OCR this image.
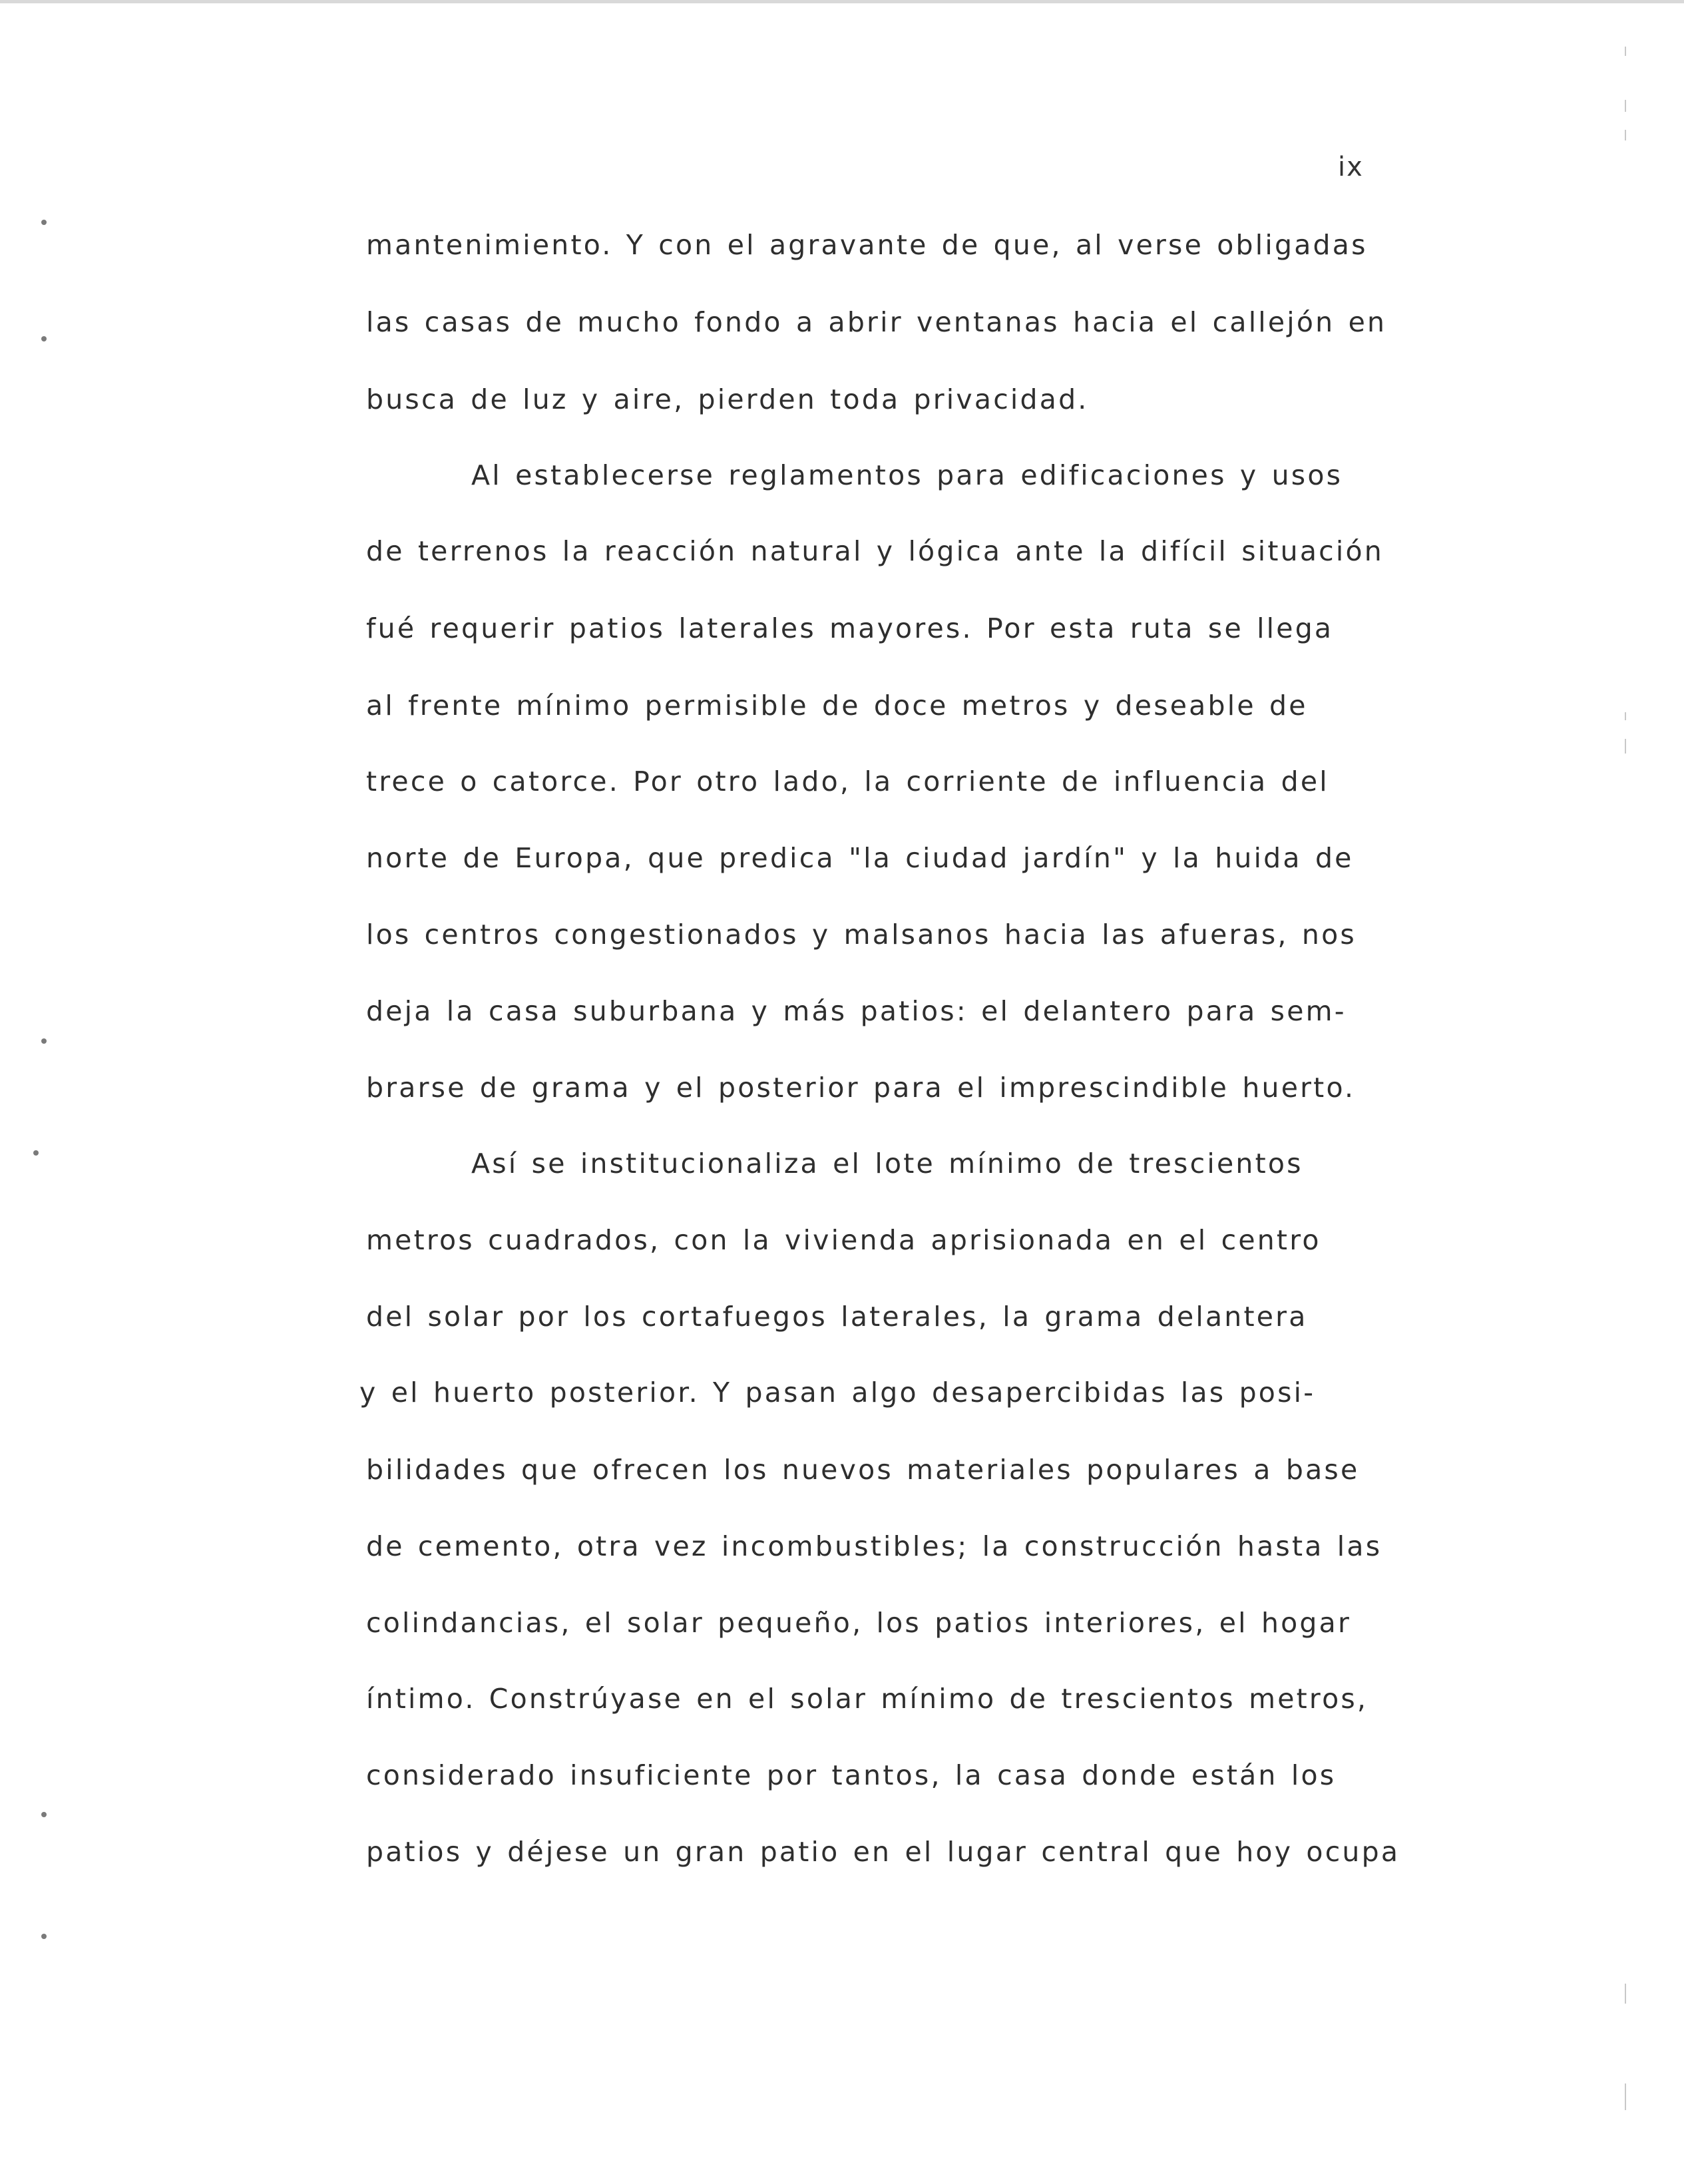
ix
mantenimiento. Y con el agravante de que, al verse obligadas
las casas de mucho fondo a abrir ventanas hacia el callejón en
busca de luz y aire, pierden toda privacidad.
Al establecerse reglamentos para edificaciones y usos
de terrenos la reacción natural y lógica ante la difícil situación
fué requerir patios laterales mayores. Por esta ruta se llega
al frente mínimo permisible de doce metros y deseable de
trece o catorce. Por otro lado, la corriente de influencia del
norte de Europa, que predica "la ciudad jardín" y la huida de
los centros congestionados y malsanos hacia las afueras, nos
deja la casa suburbana y más patios: el delantero para sem-
brarse de grama y el posterior para el imprescindible huerto.
Así se institucionaliza el lote mínimo de trescientos
metros cuadrados, con la vivienda aprisionada en el centro
del solar por los cortafuegos laterales, la grama delantera
y el huerto posterior. Y pasan algo desapercibidas las posi-
bilidades que ofrecen los nuevos materiales populares a base
de cemento, otra vez incombustibles; la construcción hasta las
colindancias, el solar pequeño, los patios interiores, el hogar
íntimo. Constrúyase en el solar mínimo de trescientos metros,
considerado insuficiente por tantos, la casa donde están los
patios y déjese un gran patio en el lugar central que hoy ocupa
